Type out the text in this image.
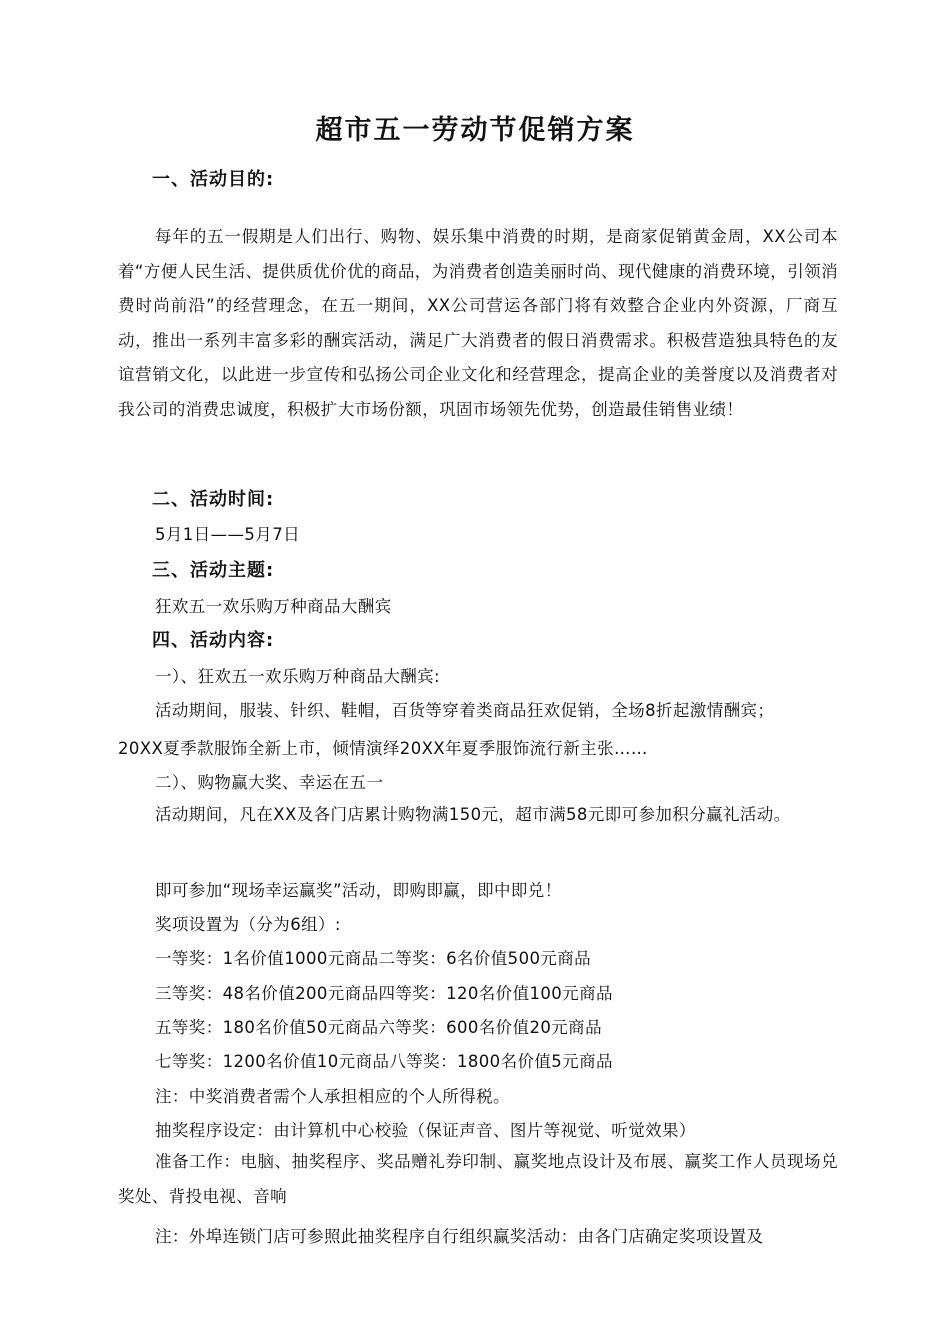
超市五一劳动节促销方案
一、活动目的:
每年的五一假期是人们出行、购物、娱乐集中消费的时期，是商家促销黄金周，XX公司本着“方便人民生活、提供质优价优的商品，为消费者创造美丽时尚、现代健康的消费环境，引领消费时尚前沿”的经营理念，在五一期间，XX公司营运各部门将有效整合企业内外资源，厂商互动，推出一系列丰富多彩的酬宾活动，满足广大消费者的假日消费需求。积极营造独具特色的友谊营销文化，以此进一步宣传和弘扬公司企业文化和经营理念，提高企业的美誉度以及消费者对我公司的消费忠诚度，积极扩大市场份额，巩固市场领先优势，创造最佳销售业绩！
二、活动时间:
5月1日——5月7日
三、活动主题:
狂欢五一欢乐购万种商品大酬宾
四、活动内容:
一）、狂欢五一欢乐购万种商品大酬宾:
活动期间，服装、针织、鞋帽，百货等穿着类商品狂欢促销，全场8折起激情酬宾；
20XX夏季款服饰全新上市，倾情演绎20XX年夏季服饰流行新主张……
二）、购物赢大奖、幸运在五一
活动期间，凡在XX及各门店累计购物满150元，超市满58元即可参加积分赢礼活动。
即可参加“现场幸运赢奖”活动，即购即赢，即中即兑！
奖项设置为（分为6组）:
一等奖：1名价值1000元商品二等奖：6名价值500元商品
三等奖：48名价值200元商品四等奖：120名价值100元商品
五等奖：180名价值50元商品六等奖：600名价值20元商品
七等奖：1200名价值10元商品八等奖：1800名价值5元商品
注：中奖消费者需个人承担相应的个人所得税。
抽奖程序设定：由计算机中心校验（保证声音、图片等视觉、听觉效果）
准备工作：电脑、抽奖程序、奖品赠礼券印制、赢奖地点设计及布展、赢奖工作人员现场兑奖处、背投电视、音响
注：外埠连锁门店可参照此抽奖程序自行组织赢奖活动：由各门店确定奖项设置及
